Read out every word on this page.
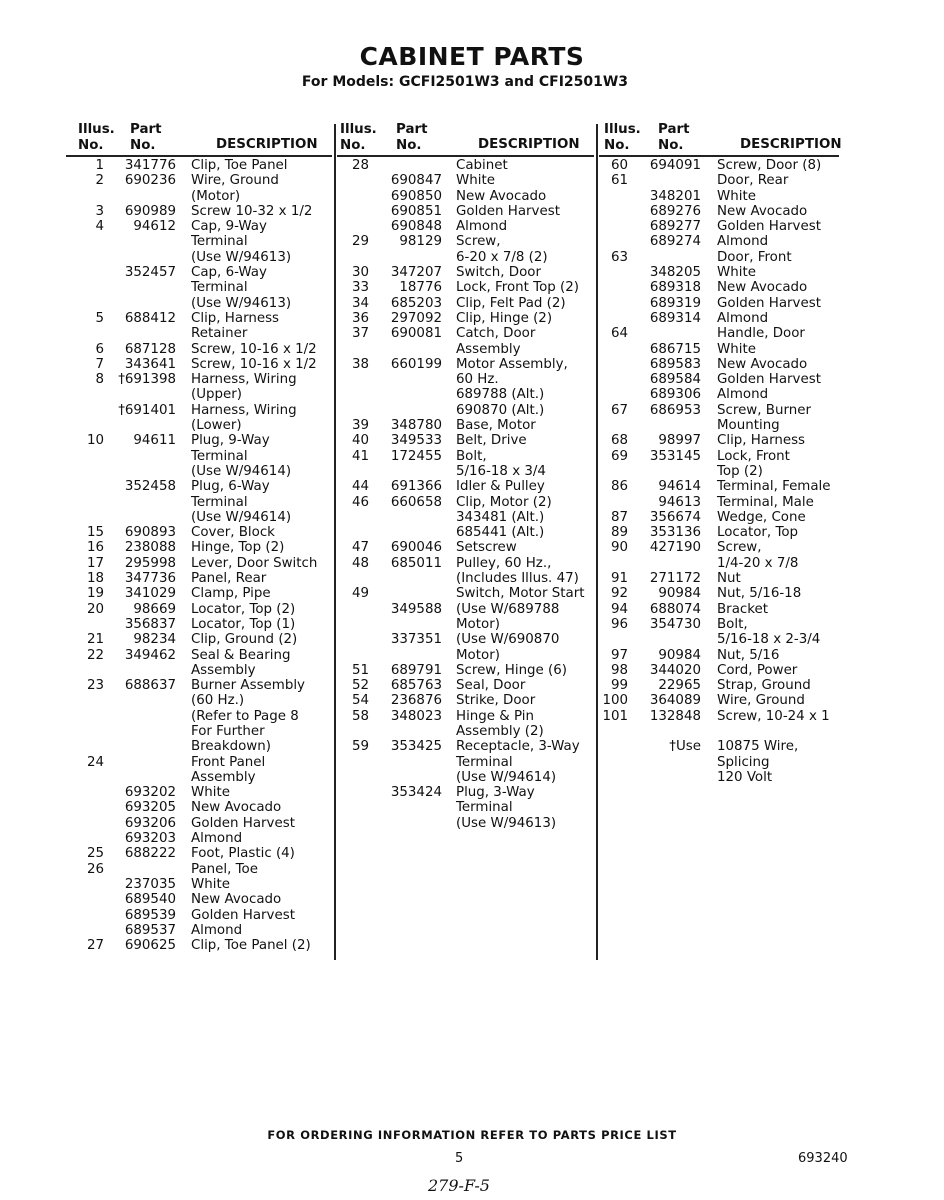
CABINET PARTS
For Models: GCFI2501W3 and CFI2501W3
Illus.
No.
Part
No.	DESCRIPTION
1	341776	Clip, Toe Panel
2	690236	Wire, Ground
(Motor)
3	690989	Screw 10-32 x 1/2
4	94612	Cap, 9-Way
Terminal
(Use W/94613)
352457	Cap, 6-Way
Terminal
(Use W/94613)
5	688412	Clip, Harness
Retainer
6	687128	Screw, 10-16 x 1/2
7	343641	Screw, 10-16 x 1/2
8	†691398	Harness, Wiring
(Upper)
†691401	Harness, Wiring
(Lower)
10	94611	Plug, 9-Way
Terminal
(Use W/94614)
352458	Plug, 6-Way
Terminal
(Use W/94614)
15	690893	Cover, Block
16	238088	Hinge, Top (2)
17	295998	Lever, Door Switch
18	347736	Panel, Rear
19	341029	Clamp, Pipe
20	98669	Locator, Top (2)
356837	Locator, Top (1)
21	98234	Clip, Ground (2)
22	349462	Seal & Bearing
Assembly
23	688637	Burner Assembly
(60 Hz.)
(Refer to Page 8
For Further
Breakdown)
24	Front Panel
Assembly
693202	White
693205	New Avocado
693206	Golden Harvest
693203	Almond
25	688222	Foot, Plastic (4)
26	Panel, Toe
237035	White
689540	New Avocado
689539	Golden Harvest
689537	Almond
27	690625	Clip, Toe Panel (2)
Illus.
No.
Part
No.	DESCRIPTION
28	Cabinet
690847	White
690850	New Avocado
690851	Golden Harvest
690848	Almond
29	98129	Screw,
6-20 x 7/8 (2)
30	347207	Switch, Door
33	18776	Lock, Front Top (2)
34	685203	Clip, Felt Pad (2)
36	297092	Clip, Hinge (2)
37	690081	Catch, Door
Assembly
38	660199	Motor Assembly,
60 Hz.
689788 (Alt.)
690870 (Alt.)
39	348780	Base, Motor
40	349533	Belt, Drive
41	172455	Bolt,
5/16-18 x 3/4
44	691366	Idler & Pulley
46	660658	Clip, Motor (2)
343481 (Alt.)
685441 (Alt.)
47	690046	Setscrew
48	685011	Pulley, 60 Hz.,
(Includes Illus. 47)
49	Switch, Motor Start
349588	(Use W/689788
Motor)
337351	(Use W/690870
Motor)
51	689791	Screw, Hinge (6)
52	685763	Seal, Door
54	236876	Strike, Door
58	348023	Hinge & Pin
Assembly (2)
59	353425	Receptacle, 3-Way
Terminal
(Use W/94614)
353424	Plug, 3-Way
Terminal
(Use W/94613)
Illus.
No.
Part
No.	DESCRIPTION
60	694091	Screw, Door (8)
61	Door, Rear
348201	White
689276	New Avocado
689277	Golden Harvest
689274	Almond
63	Door, Front
348205	White
689318	New Avocado
689319	Golden Harvest
689314	Almond
64	Handle, Door
686715	White
689583	New Avocado
689584	Golden Harvest
689306	Almond
67	686953	Screw, Burner
Mounting
68	98997	Clip, Harness
69	353145	Lock, Front
Top (2)
86	94614	Terminal, Female
94613	Terminal, Male
87	356674	Wedge, Cone
89	353136	Locator, Top
90	427190	Screw,
1/4-20 x 7/8
91	271172	Nut
92	90984	Nut, 5/16-18
94	688074	Bracket
96	354730	Bolt,
5/16-18 x 2-3/4
97	90984	Nut, 5/16
98	344020	Cord, Power
99	22965	Strap, Ground
100	364089	Wire, Ground
101	132848	Screw, 10-24 x 1
†Use	10875 Wire,
Splicing
120 Volt
FOR ORDERING INFORMATION REFER TO PARTS PRICE LIST
5	693240
279-F-5
